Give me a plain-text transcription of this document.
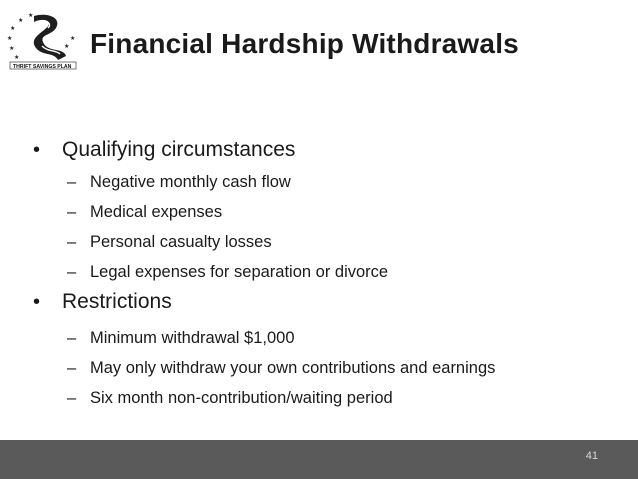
★
★
★
★
★
★
★
★
THRIFT SAVINGS PLAN
Financial Hardship Withdrawals
• Qualifying circumstances
– Negative monthly cash flow
– Medical expenses
– Personal casualty losses
– Legal expenses for separation or divorce
• Restrictions
– Minimum withdrawal $1,000
– May only withdraw your own contributions and earnings
– Six month non-contribution/waiting period
41
